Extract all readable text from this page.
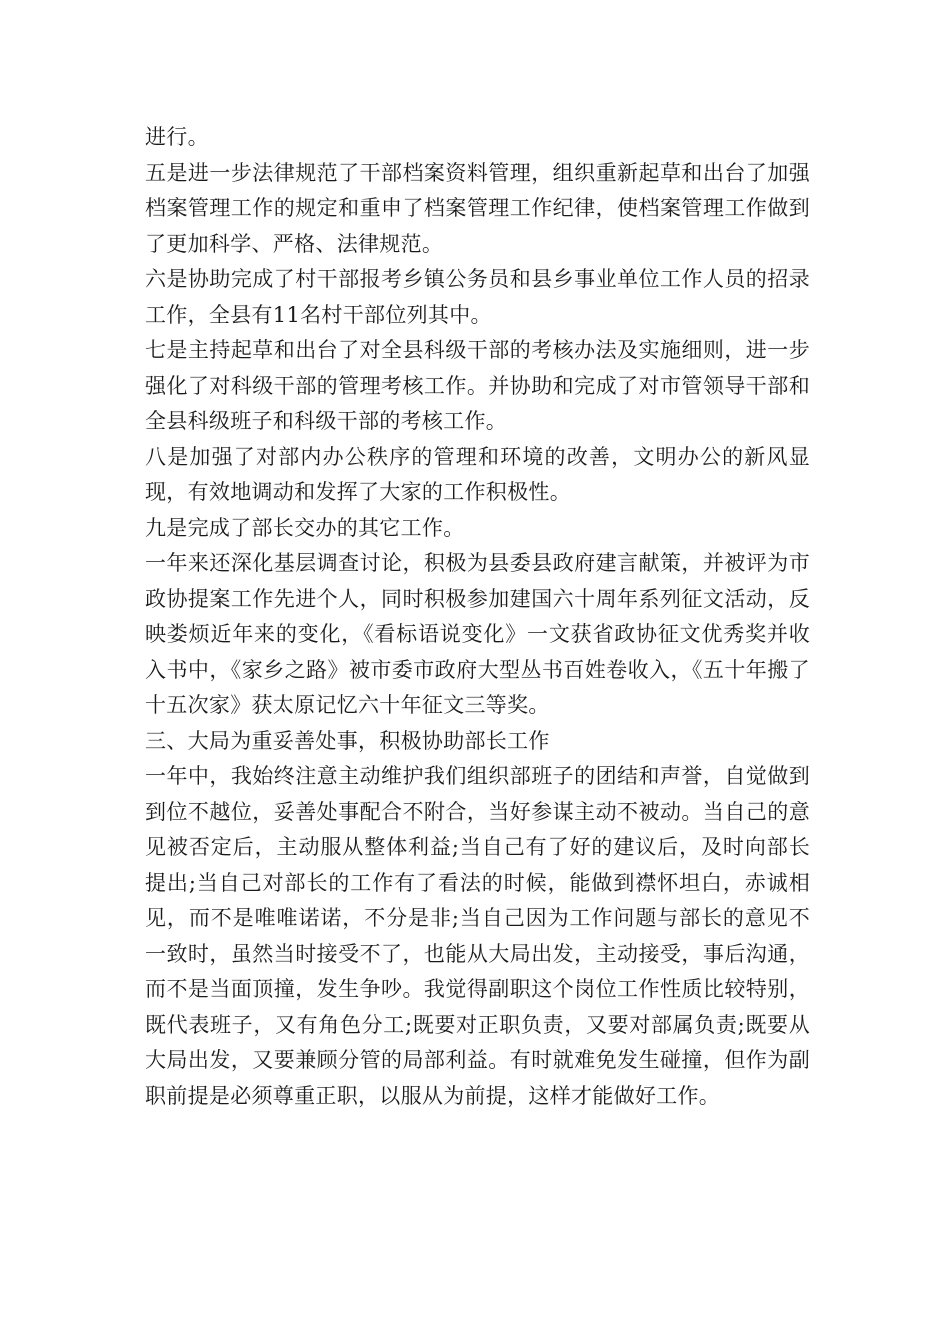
进行。

五是进一步法律规范了干部档案资料管理，组织重新起草和出台了加强档案管理工作的规定和重申了档案管理工作纪律，使档案管理工作做到了更加科学、严格、法律规范。

六是协助完成了村干部报考乡镇公务员和县乡事业单位工作人员的招录工作，全县有11名村干部位列其中。

七是主持起草和出台了对全县科级干部的考核办法及实施细则，进一步强化了对科级干部的管理考核工作。并协助和完成了对市管领导干部和全县科级班子和科级干部的考核工作。

八是加强了对部内办公秩序的管理和环境的改善，文明办公的新风显现，有效地调动和发挥了大家的工作积极性。

九是完成了部长交办的其它工作。

一年来还深化基层调查讨论，积极为县委县政府建言献策，并被评为市政协提案工作先进个人，同时积极参加建国六十周年系列征文活动，反映娄烦近年来的变化，《看标语说变化》一文获省政协征文优秀奖并收入书中，《家乡之路》被市委市政府大型丛书百姓卷收入，《五十年搬了十五次家》获太原记忆六十年征文三等奖。

三、大局为重妥善处事，积极协助部长工作

一年中，我始终注意主动维护我们组织部班子的团结和声誉，自觉做到到位不越位，妥善处事配合不附合，当好参谋主动不被动。当自己的意见被否定后，主动服从整体利益;当自己有了好的建议后，及时向部长提出;当自己对部长的工作有了看法的时候，能做到襟怀坦白，赤诚相见，而不是唯唯诺诺，不分是非;当自己因为工作问题与部长的意见不一致时，虽然当时接受不了，也能从大局出发，主动接受，事后沟通，而不是当面顶撞，发生争吵。我觉得副职这个岗位工作性质比较特别，既代表班子，又有角色分工;既要对正职负责，又要对部属负责;既要从大局出发，又要兼顾分管的局部利益。有时就难免发生碰撞，但作为副职前提是必须尊重正职，以服从为前提，这样才能做好工作。
